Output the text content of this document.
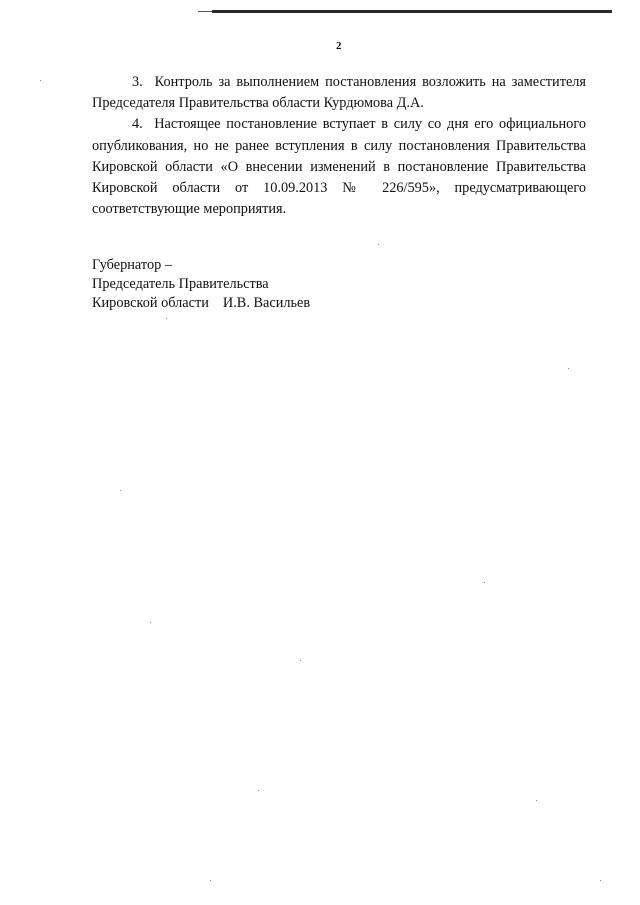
2

3. Контроль за выполнением постановления возложить на заместителя Председателя Правительства области Курдюмова Д.А.

4. Настоящее постановление вступает в силу со дня его официального опубликования, но не ранее вступления в силу постановления Правительства Кировской области «О внесении изменений в постановление Правительства Кировской области от 10.09.2013 № 226/595», предусматривающего соответствующие мероприятия.

Губернатор –
Председатель Правительства
Кировской области И.В. Васильев
